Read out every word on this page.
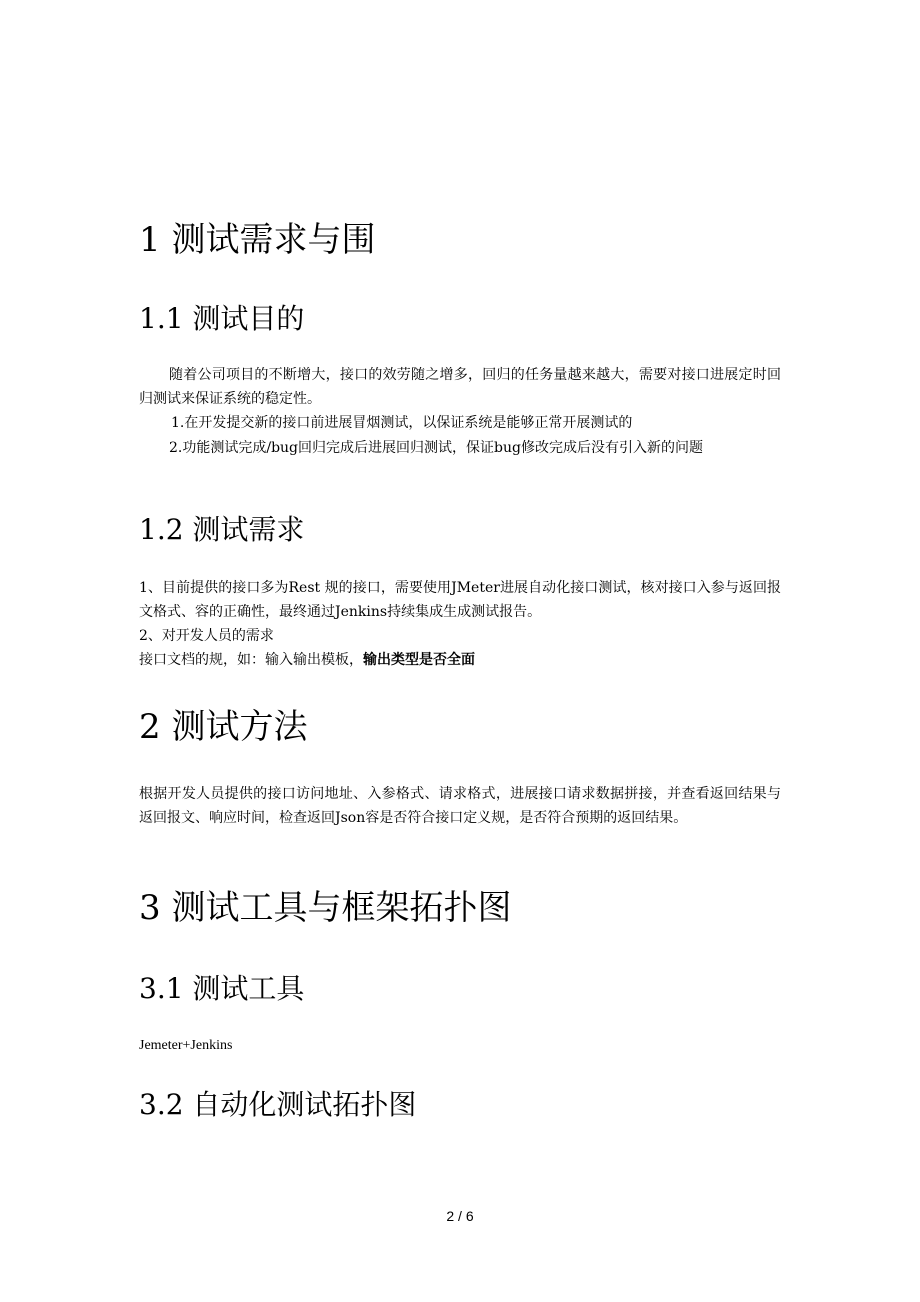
1 测试需求与围
1.1 测试目的

随着公司项目的不断增大，接口的效劳随之增多，回归的任务量越来越大，需要对接口进展定时回归测试来保证系统的稳定性。

1.在开发提交新的接口前进展冒烟测试，以保证系统是能够正常开展测试的

2.功能测试完成/bug回归完成后进展回归测试，保证bug修改完成后没有引入新的问题

1.2 测试需求

1、目前提供的接口多为Rest 规的接口，需要使用JMeter进展自动化接口测试，核对接口入参与返回报文格式、容的正确性，最终通过Jenkins持续集成生成测试报告。

2、对开发人员的需求

接口文档的规，如：输入输出模板，输出类型是否全面

2 测试方法

根据开发人员提供的接口访问地址、入参格式、请求格式，进展接口请求数据拼接，并查看返回结果与返回报文、响应时间，检查返回Json容是否符合接口定义规，是否符合预期的返回结果。

3 测试工具与框架拓扑图
3.1 测试工具

Jemeter+Jenkins

3.2 自动化测试拓扑图
2 / 6
